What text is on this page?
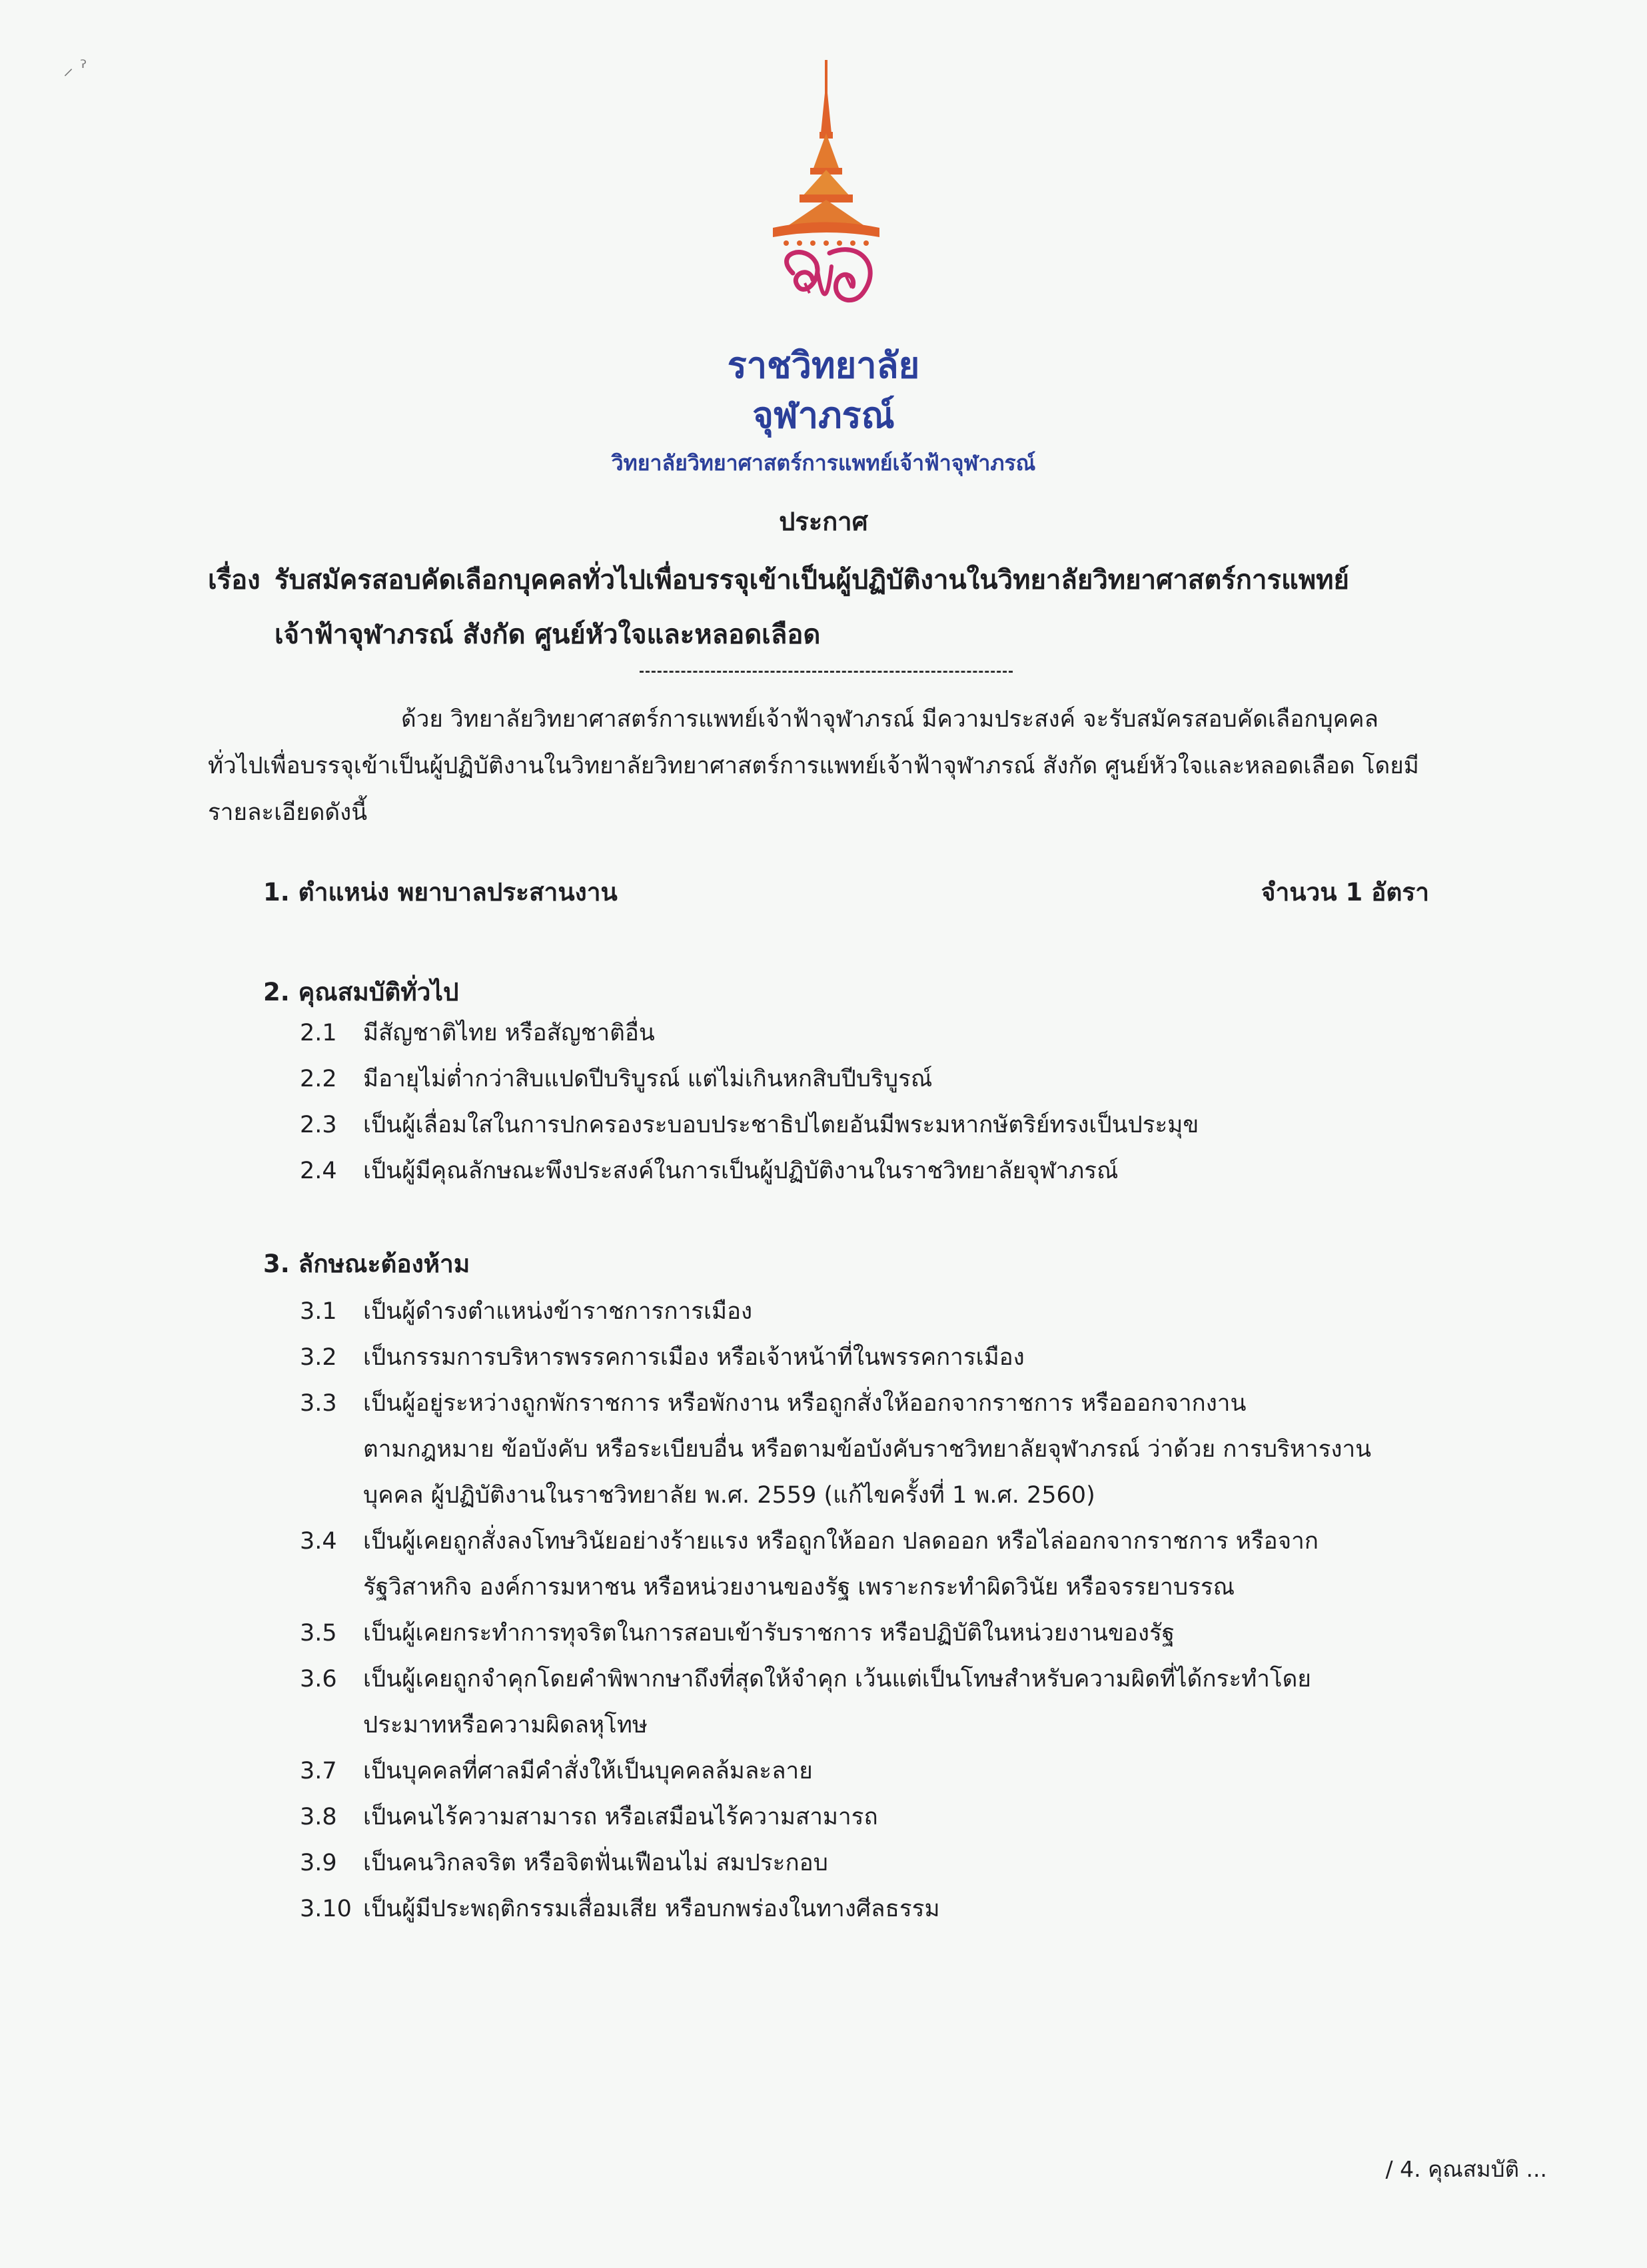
⸝ ˀ
ราชวิทยาลัย
จุฬาภรณ์
วิทยาลัยวิทยาศาสตร์การแพทย์เจ้าฟ้าจุฬาภรณ์
ประกาศ
เรื่อง รับสมัครสอบคัดเลือกบุคคลทั่วไปเพื่อบรรจุเข้าเป็นผู้ปฏิบัติงานในวิทยาลัยวิทยาศาสตร์การแพทย์
เจ้าฟ้าจุฬาภรณ์ สังกัด ศูนย์หัวใจและหลอดเลือด
ด้วย วิทยาลัยวิทยาศาสตร์การแพทย์เจ้าฟ้าจุฬาภรณ์ มีความประสงค์ จะรับสมัครสอบคัดเลือกบุคคล
ทั่วไปเพื่อบรรจุเข้าเป็นผู้ปฏิบัติงานในวิทยาลัยวิทยาศาสตร์การแพทย์เจ้าฟ้าจุฬาภรณ์ สังกัด ศูนย์หัวใจและหลอดเลือด โดยมี
รายละเอียดดังนี้
1. ตำแหน่ง พยาบาลประสานงาน	จำนวน 1 อัตรา
2. คุณสมบัติทั่วไป
2.1	มีสัญชาติไทย หรือสัญชาติอื่น
2.2	มีอายุไม่ต่ำกว่าสิบแปดปีบริบูรณ์ แต่ไม่เกินหกสิบปีบริบูรณ์
2.3	เป็นผู้เลื่อมใสในการปกครองระบอบประชาธิปไตยอันมีพระมหากษัตริย์ทรงเป็นประมุข
2.4	เป็นผู้มีคุณลักษณะพึงประสงค์ในการเป็นผู้ปฏิบัติงานในราชวิทยาลัยจุฬาภรณ์
3. ลักษณะต้องห้าม
3.1	เป็นผู้ดำรงตำแหน่งข้าราชการการเมือง
3.2	เป็นกรรมการบริหารพรรคการเมือง หรือเจ้าหน้าที่ในพรรคการเมือง
3.3	เป็นผู้อยู่ระหว่างถูกพักราชการ หรือพักงาน หรือถูกสั่งให้ออกจากราชการ หรือออกจากงาน
ตามกฎหมาย ข้อบังคับ หรือระเบียบอื่น หรือตามข้อบังคับราชวิทยาลัยจุฬาภรณ์ ว่าด้วย การบริหารงาน
บุคคล ผู้ปฏิบัติงานในราชวิทยาลัย พ.ศ. 2559 (แก้ไขครั้งที่ 1 พ.ศ. 2560)
3.4	เป็นผู้เคยถูกสั่งลงโทษวินัยอย่างร้ายแรง หรือถูกให้ออก ปลดออก หรือไล่ออกจากราชการ หรือจาก
รัฐวิสาหกิจ องค์การมหาชน หรือหน่วยงานของรัฐ เพราะกระทำผิดวินัย หรือจรรยาบรรณ
3.5	เป็นผู้เคยกระทำการทุจริตในการสอบเข้ารับราชการ หรือปฏิบัติในหน่วยงานของรัฐ
3.6	เป็นผู้เคยถูกจำคุกโดยคำพิพากษาถึงที่สุดให้จำคุก เว้นแต่เป็นโทษสำหรับความผิดที่ได้กระทำโดย
ประมาทหรือความผิดลหุโทษ
3.7	เป็นบุคคลที่ศาลมีคำสั่งให้เป็นบุคคลล้มละลาย
3.8	เป็นคนไร้ความสามารถ หรือเสมือนไร้ความสามารถ
3.9	เป็นคนวิกลจริต หรือจิตฟั่นเฟือนไม่ สมประกอบ
3.10 เป็นผู้มีประพฤติกรรมเสื่อมเสีย หรือบกพร่องในทางศีลธรรม
/ 4. คุณสมบัติ ...
